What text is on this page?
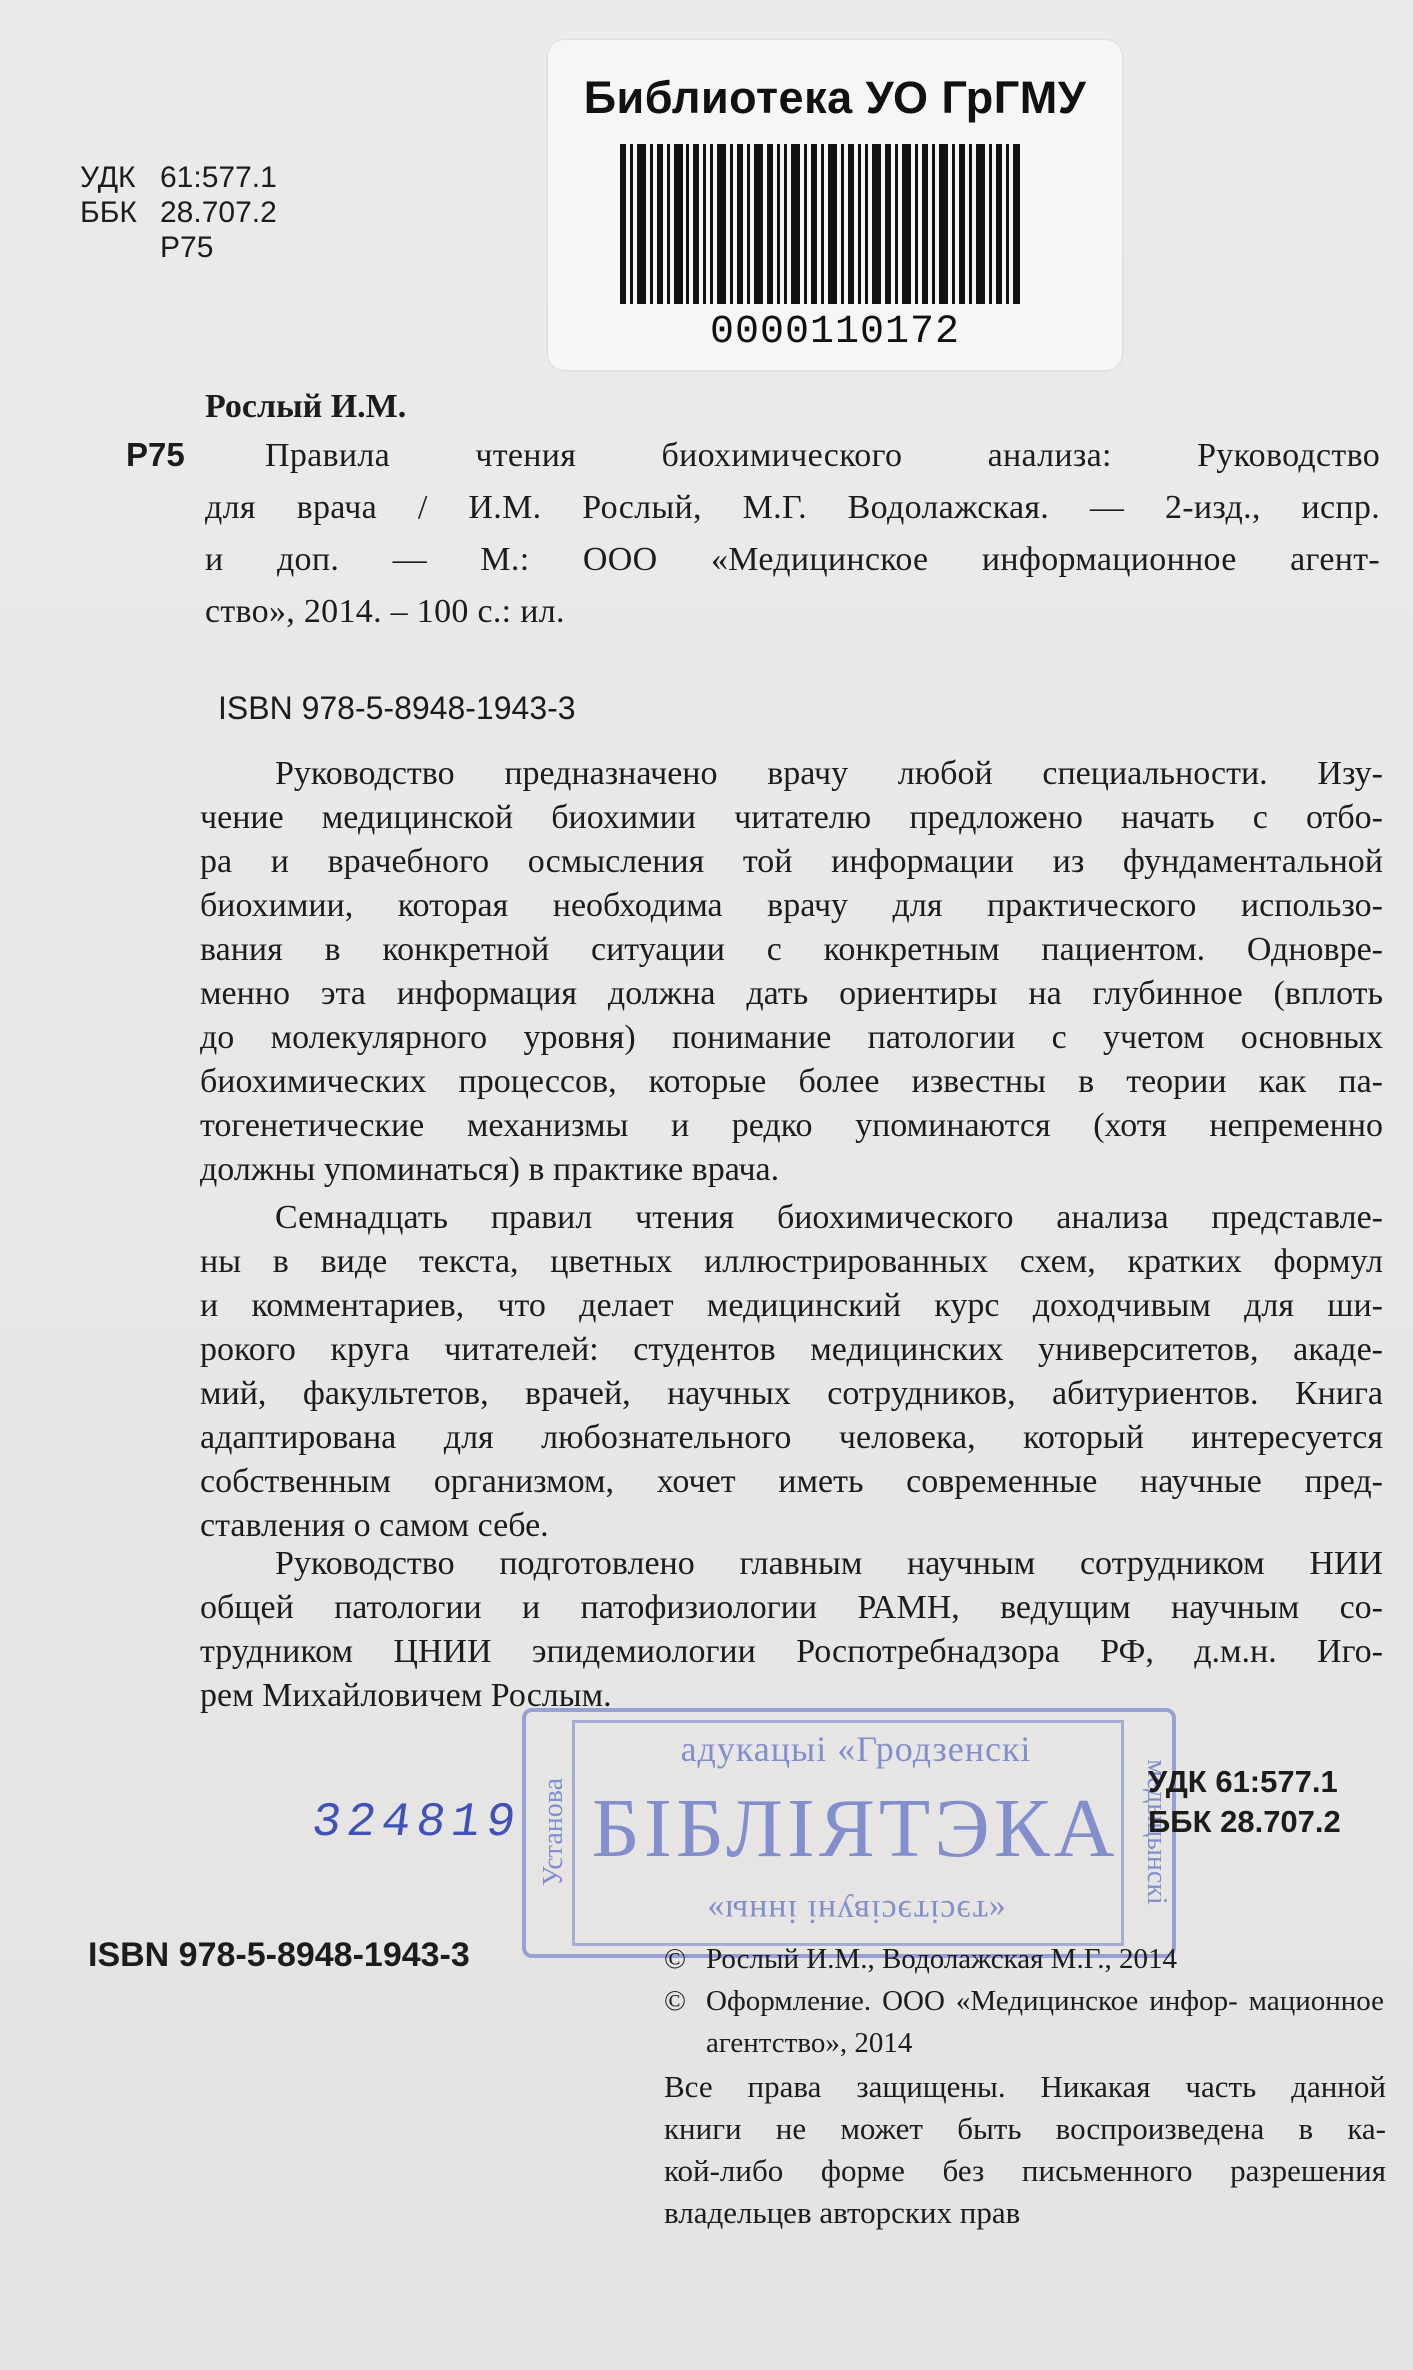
УДК 61:577.1
ББК 28.707.2
Р75
Библиотека УО ГрГМУ
0000110172
Рослый И.М.
Р75	Правила чтения биохимического анализа: Руководство

для врача / И.М. Рослый, М.Г. Водолажская. — 2-изд., испр.

и доп. — М.: ООО «Медицинское информационное агент-

ство», 2014. – 100 с.: ил.

ISBN 978-5-8948-1943-3

Руководство предназначено врачу любой специальности. Изу-

чение медицинской биохимии читателю предложено начать с отбо-

ра и врачебного осмысления той информации из фундаментальной

биохимии, которая необходима врачу для практического использо-

вания в конкретной ситуации с конкретным пациентом. Одновре-

менно эта информация должна дать ориентиры на глубинное (вплоть

до молекулярного уровня) понимание патологии с учетом основных

биохимических процессов, которые более известны в теории как па-

тогенетические механизмы и редко упоминаются (хотя непременно

должны упоминаться) в практике врача.

Семнадцать правил чтения биохимического анализа представле-

ны в виде текста, цветных иллюстрированных схем, кратких формул

и комментариев, что делает медицинский курс доходчивым для ши-

рокого круга читателей: студентов медицинских университетов, акаде-

мий, факультетов, врачей, научных сотрудников, абитуриентов. Книга

адаптирована для любознательного человека, который интересуется

собственным организмом, хочет иметь современные научные пред-

ставления о самом себе.

Руководство подготовлено главным научным сотрудником НИИ

общей патологии и патофизиологии РАМН, ведущим научным со-

трудником ЦНИИ эпидемиологии Роспотребнадзора РФ, д.м.н. Иго-

рем Михайловичем Рослым.

адукацыі «Гродзенскі
БІБЛІЯТЭКА
«тэсітэсівуні інны»
Установа	медыцынскі
324819
УДК 61:577.1
ББК 28.707.2
ISBN 978-5-8948-1943-3	© Рослый И.М., Водолажская М.Г., 2014
© Оформление. ООО «Медицинское инфор- мационное агентство», 2014

Все права защищены. Никакая часть данной

книги не может быть воспроизведена в ка-

кой-либо форме без письменного разрешения

владельцев авторских прав
